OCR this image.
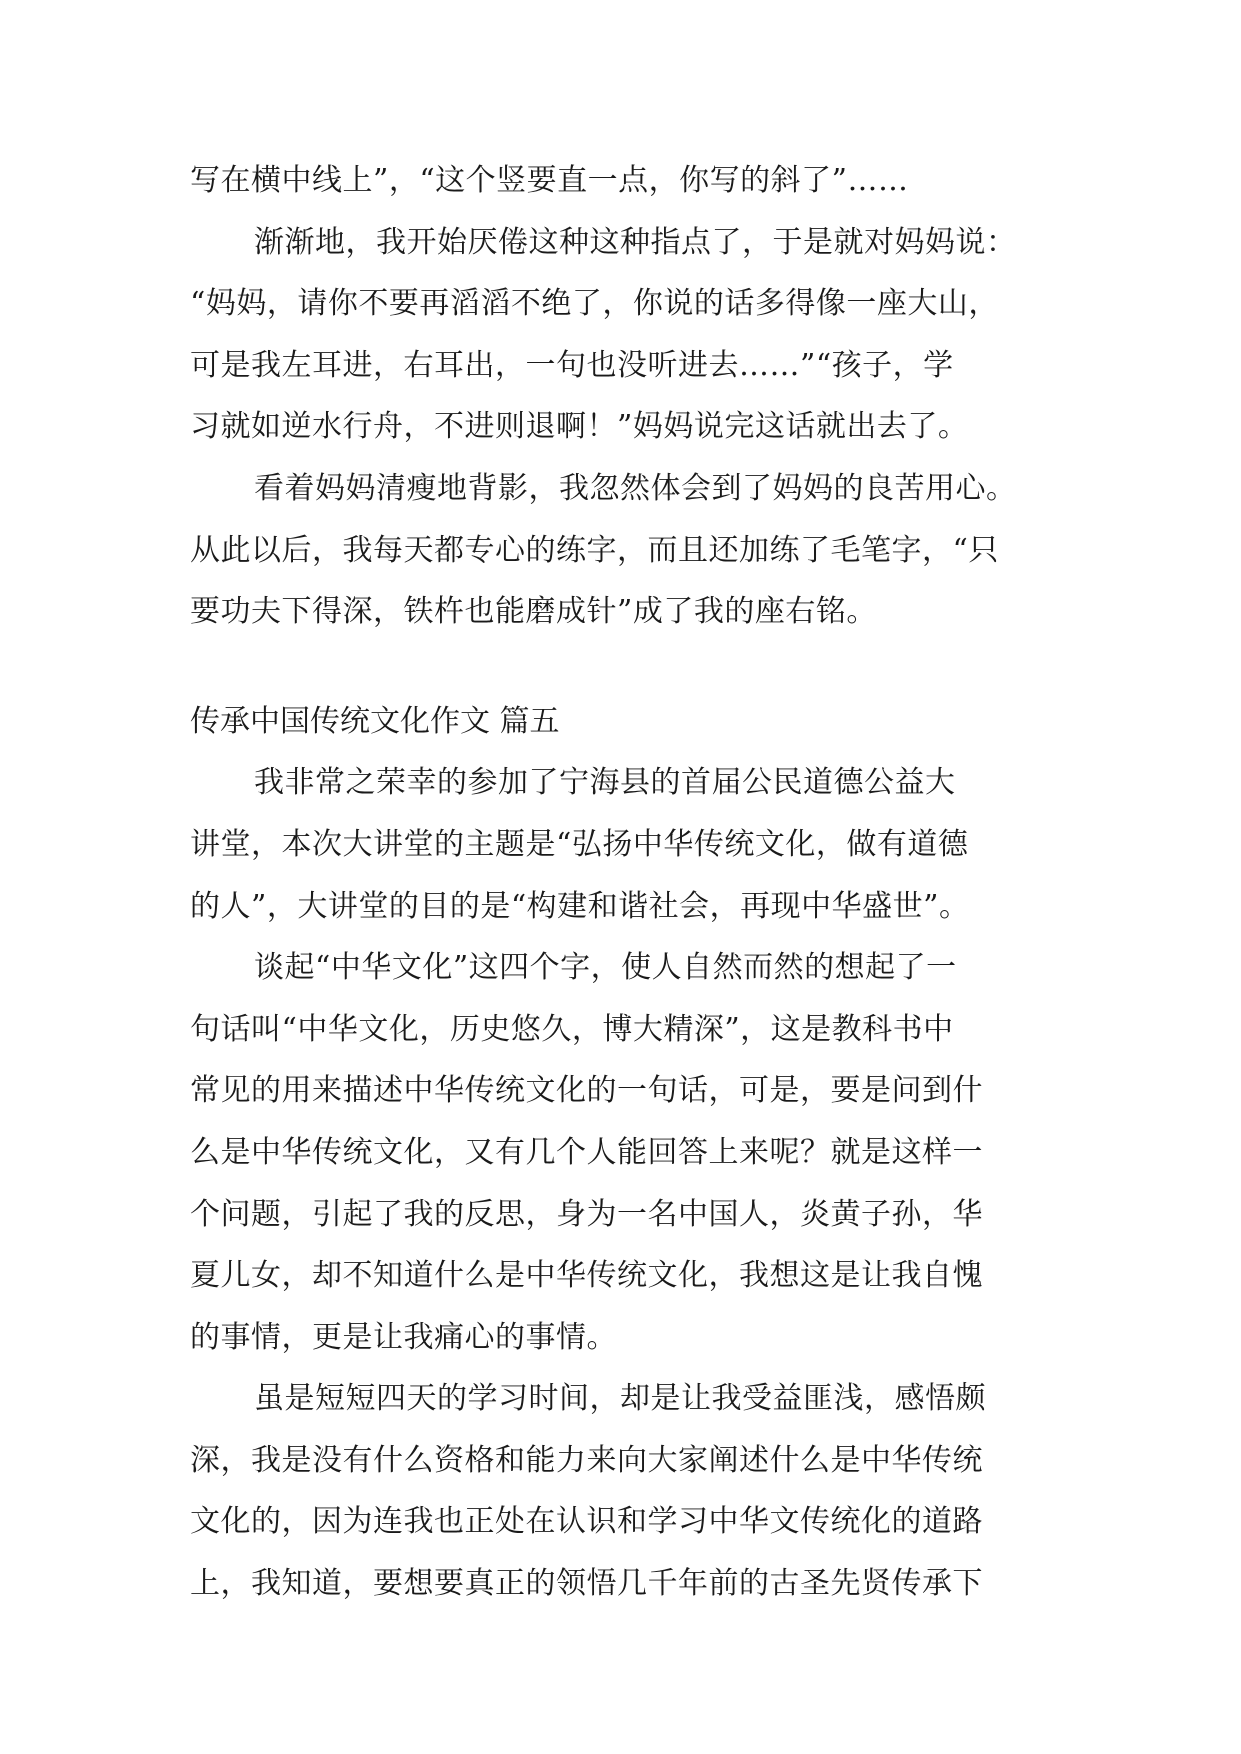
写在横中线上”，“这个竖要直一点，你写的斜了”……
渐渐地，我开始厌倦这种这种指点了，于是就对妈妈说：
“妈妈，请你不要再滔滔不绝了，你说的话多得像一座大山，
可是我左耳进，右耳出，一句也没听进去……”“孩子，学
习就如逆水行舟，不进则退啊！”妈妈说完这话就出去了。
看着妈妈清瘦地背影，我忽然体会到了妈妈的良苦用心。
从此以后，我每天都专心的练字，而且还加练了毛笔字，“只
要功夫下得深，铁杵也能磨成针”成了我的座右铭。
传承中国传统文化作文 篇五
我非常之荣幸的参加了宁海县的首届公民道德公益大
讲堂，本次大讲堂的主题是“弘扬中华传统文化，做有道德
的人”，大讲堂的目的是“构建和谐社会，再现中华盛世”。
谈起“中华文化”这四个字，使人自然而然的想起了一
句话叫“中华文化，历史悠久，博大精深”，这是教科书中
常见的用来描述中华传统文化的一句话，可是，要是问到什
么是中华传统文化，又有几个人能回答上来呢？就是这样一
个问题，引起了我的反思，身为一名中国人，炎黄子孙，华
夏儿女，却不知道什么是中华传统文化，我想这是让我自愧
的事情，更是让我痛心的事情。
虽是短短四天的学习时间，却是让我受益匪浅，感悟颇
深，我是没有什么资格和能力来向大家阐述什么是中华传统
文化的，因为连我也正处在认识和学习中华文传统化的道路
上，我知道，要想要真正的领悟几千年前的古圣先贤传承下
